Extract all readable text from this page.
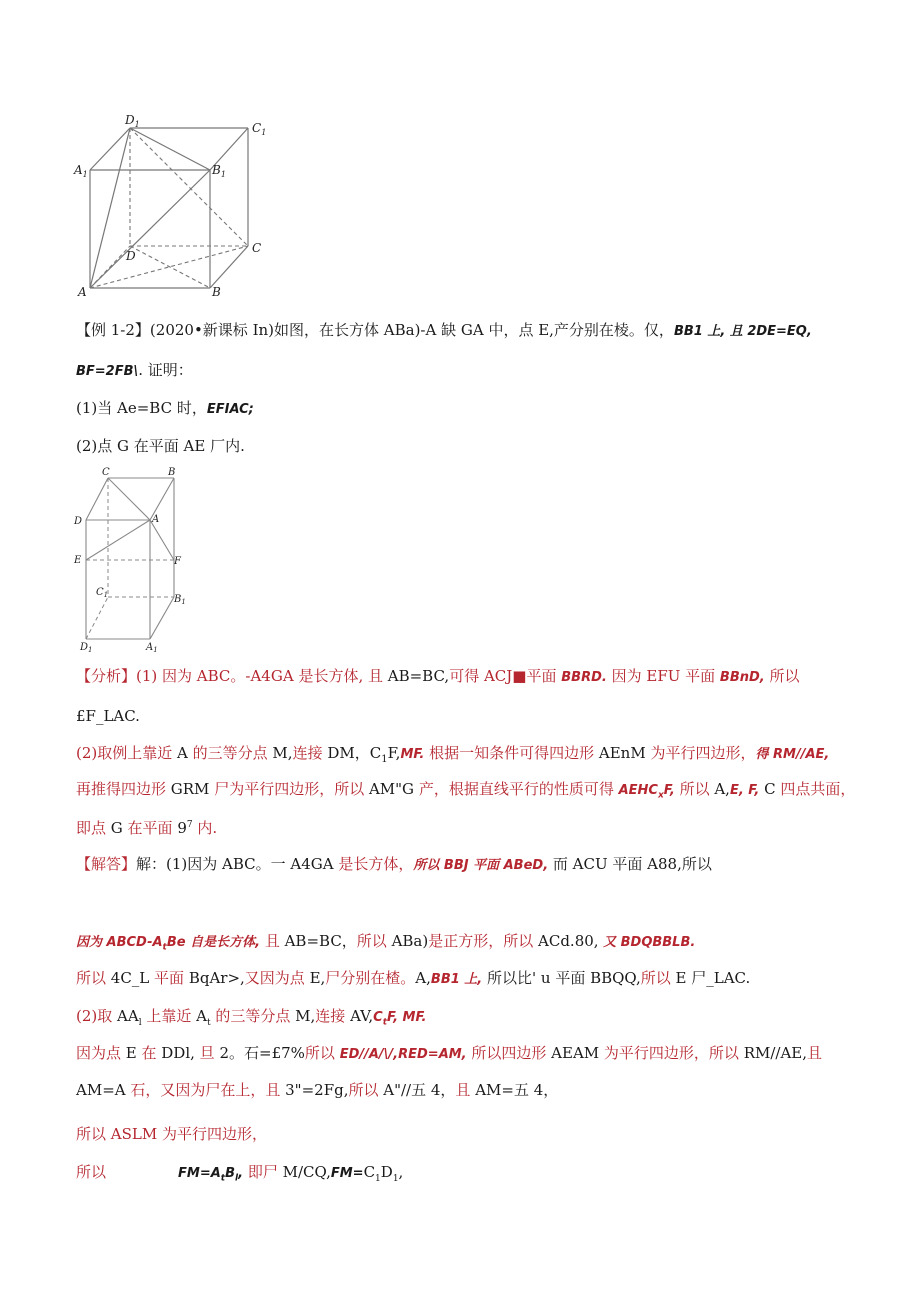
$D_1$	$C_1$
$A_1$	$B_1$
C
D
A	B
【例 1-2】(2020•新课标 In)如图，在长方体 ABa)-A 缺 GA 中，点 E,产分别在棱。仅，BB1 上, 且 2DE=EQ,
BF=2FB\. 证明：
(1)当 Ae=BC 时，EFIAC;
(2)点 G 在平面 AE 厂内.
C	B
D	A
E	F
$C_1$	$B_1$
$D_1$	$A_1$
【分析】(1) 因为 ABC。-A4GA 是长方体, 且 AB=BC,可得 ACJ■平面 BBRD. 因为 EFU 平面 BBnD, 所以
£F_LAC.
(2)取例上靠近 A 的三等分点 M,连接 DM，$C_1F,MF$. 根据一知条件可得四边形 AEnM 为平行四边形，得 RM//AE,
再推得四边形 GRM 尸为平行四边形，所以 AM"G 产，根据直线平行的性质可得 $AEHC_xF$, 所以 A,E, F, C 四点共面，
即点 G 在平面 $9^7$ 内.
【解答】解：(1)因为 ABC。一 A4GA 是长方体，所以 BBJ 平面 ABeD, 而 ACU 平面 A88,所以
因为 ABCD-$A_tBe$ 自是长方体, 且 AB=BC，所以 ABa)是正方形，所以 ACd.80, 又 BDQBBLB.
所以 4C_L 平面 BqAr>,又因为点 E,尸分别在楂。A,BB1 上, 所以比' u 平面 BBQQ,所以 E 尸_LAC.
(2)取 $AA_l$ 上靠近 $A_t$ 的三等分点 M,连接 $AV,C_tF$, MF.
因为点 E 在 DDl, 旦 2。石=£7%所以 ED//A/\/,RED=AM, 所以四边形 AEAM 为平行四边形，所以 RM//AE,且
AM=A 石，又因为尸在上，且 3"=2Fg,所以 A"//五 4，且 AM=五 4，
所以 ASLM 为平行四边形，
所以	$FM=A_tB_l$, 即尸 $M/CQ,FM=C_1D_1$,
